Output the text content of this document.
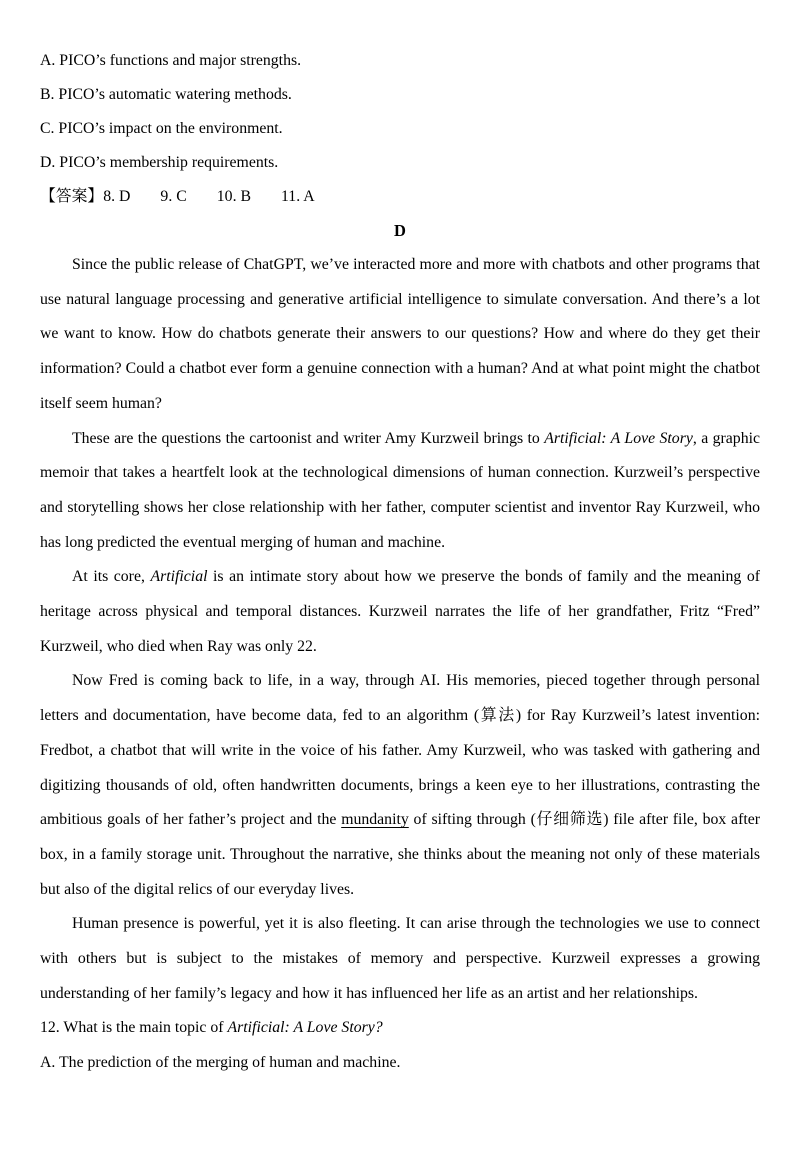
A. PICO’s functions and major strengths.
B. PICO’s automatic watering methods.
C. PICO’s impact on the environment.
D. PICO’s membership requirements.
【答案】8. D 9. C 10. B 11. A
D

Since the public release of ChatGPT, we’ve interacted more and more with chatbots and other programs that use natural language processing and generative artificial intelligence to simulate conversation. And there’s a lot we want to know. How do chatbots generate their answers to our questions? How and where do they get their information? Could a chatbot ever form a genuine connection with a human? And at what point might the chatbot itself seem human?

These are the questions the cartoonist and writer Amy Kurzweil brings to Artificial: A Love Story, a graphic memoir that takes a heartfelt look at the technological dimensions of human connection. Kurzweil’s perspective and storytelling shows her close relationship with her father, computer scientist and inventor Ray Kurzweil, who has long predicted the eventual merging of human and machine.

At its core, Artificial is an intimate story about how we preserve the bonds of family and the meaning of heritage across physical and temporal distances. Kurzweil narrates the life of her grandfather, Fritz “Fred” Kurzweil, who died when Ray was only 22.

Now Fred is coming back to life, in a way, through AI. His memories, pieced together through personal letters and documentation, have become data, fed to an algorithm (算法) for Ray Kurzweil’s latest invention: Fredbot, a chatbot that will write in the voice of his father. Amy Kurzweil, who was tasked with gathering and digitizing thousands of old, often handwritten documents, brings a keen eye to her illustrations, contrasting the ambitious goals of her father’s project and the mundanity of sifting through (仔细筛选) file after file, box after box, in a family storage unit. Throughout the narrative, she thinks about the meaning not only of these materials but also of the digital relics of our everyday lives.

Human presence is powerful, yet it is also fleeting. It can arise through the technologies we use to connect with others but is subject to the mistakes of memory and perspective. Kurzweil expresses a growing understanding of her family’s legacy and how it has influenced her life as an artist and her relationships.

12. What is the main topic of Artificial: A Love Story?
A. The prediction of the merging of human and machine.
